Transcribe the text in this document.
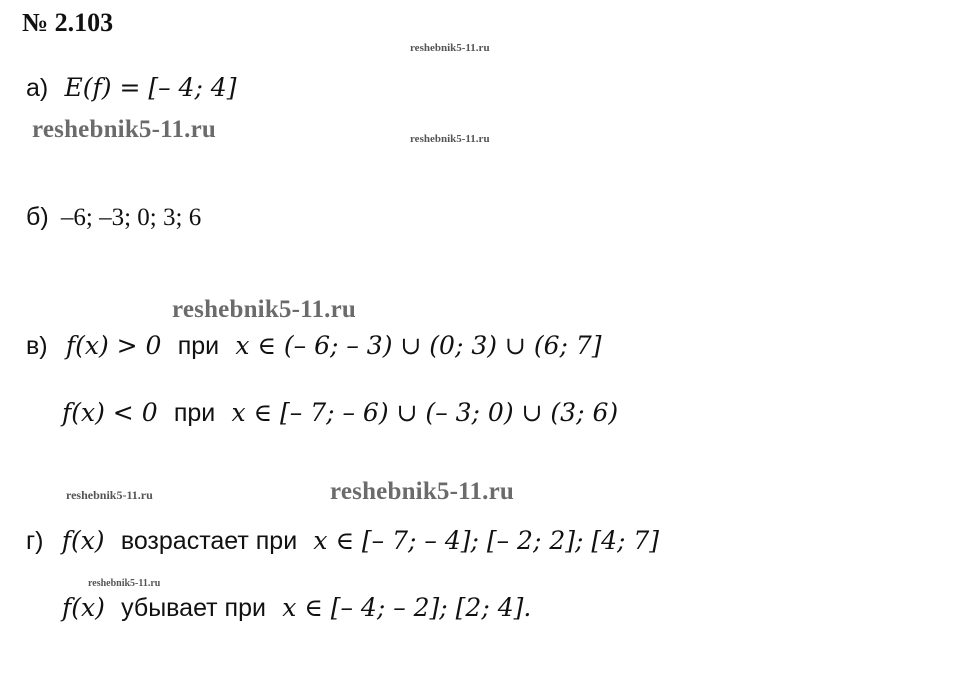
№ 2.103
reshebnik5-11.ru
reshebnik5-11.ru	reshebnik5-11.ru
reshebnik5-11.ru
reshebnik5-11.ru	reshebnik5-11.ru
reshebnik5-11.ru
а) E(f) = [– 4; 4]
б) –6; –3; 0; 3; 6
в) f(x) > 0 при x ∈ (– 6; – 3) ∪ (0; 3) ∪ (6; 7]
f(x) < 0 при x ∈ [– 7; – 6) ∪ (– 3; 0) ∪ (3; 6)
г) f(x) возрастает при x ∈ [– 7; – 4]; [– 2; 2]; [4; 7]
f(x) убывает при x ∈ [– 4; – 2]; [2; 4].
